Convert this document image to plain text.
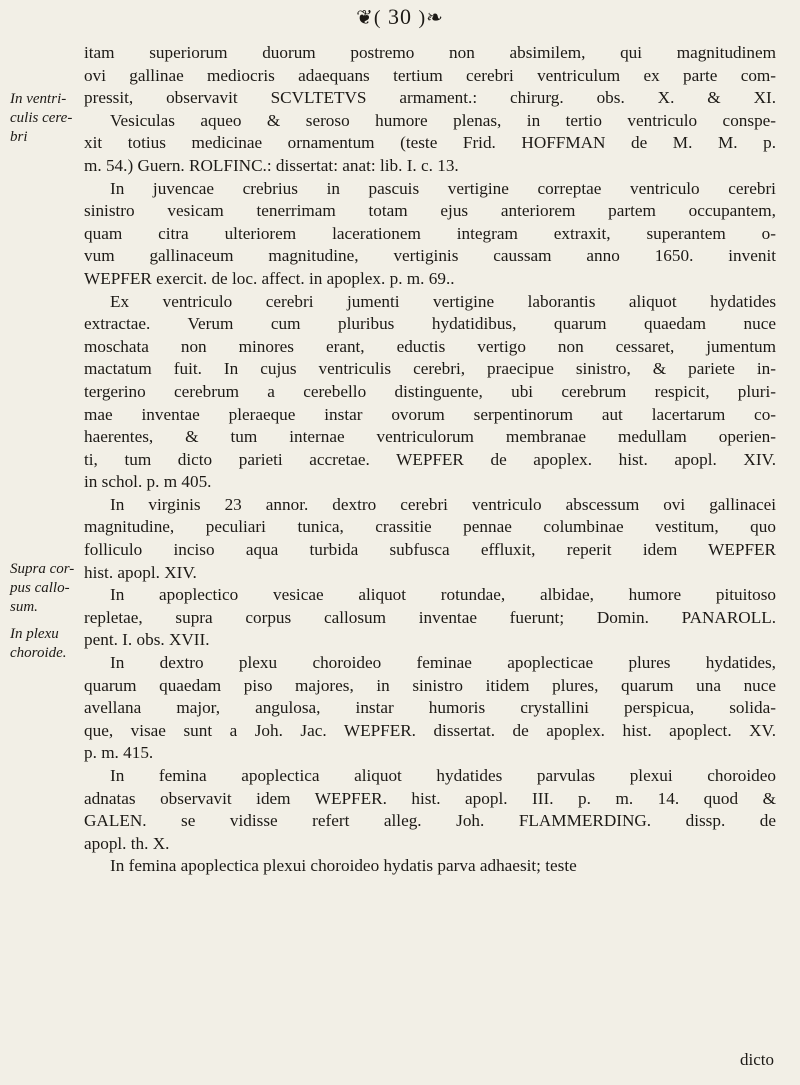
❦( 30 )❧
In ventri-culis cere-bri
Supra cor-pus callo-sum.
In plexu choroide.

itam superiorum duorum postremo non absimilem, qui magnitudinem
ovi gallinae mediocris adaequans tertium cerebri ventriculum ex parte com-
pressit, observavit SCVLTETVS armament.: chirurg. obs. X. & XI.
Vesiculas aqueo & seroso humore plenas, in tertio ventriculo conspe-
xit totius medicinae ornamentum (teste Frid. HOFFMAN de M. M. p.
m. 54.) Guern. ROLFINC.: dissertat: anat: lib. I. c. 13.

In juvencae crebrius in pascuis vertigine correptae ventriculo cerebri
sinistro vesicam tenerrimam totam ejus anteriorem partem occupantem,
quam citra ulteriorem lacerationem integram extraxit, superantem o-
vum gallinaceum magnitudine, vertiginis caussam anno 1650. invenit
WEPFER exercit. de loc. affect. in apoplex. p. m. 69..

Ex ventriculo cerebri jumenti vertigine laborantis aliquot hydatides
extractae. Verum cum pluribus hydatidibus, quarum quaedam nuce
moschata non minores erant, eductis vertigo non cessaret, jumentum
mactatum fuit. In cujus ventriculis cerebri, praecipue sinistro, & pariete in-
tergerino cerebrum a cerebello distinguente, ubi cerebrum respicit, pluri-
mae inventae pleraeque instar ovorum serpentinorum aut lacertarum co-
haerentes, & tum internae ventriculorum membranae medullam operien-
ti, tum dicto parieti accretae. WEPFER de apoplex. hist. apopl. XIV.
in schol. p. m 405.

In virginis 23 annor. dextro cerebri ventriculo abscessum ovi gallinacei
magnitudine, peculiari tunica, crassitie pennae columbinae vestitum, quo
folliculo inciso aqua turbida subfusca effluxit, reperit idem WEPFER
hist. apopl. XIV.

In apoplectico vesicae aliquot rotundae, albidae, humore pituitoso
repletae, supra corpus callosum inventae fuerunt; Domin. PANAROLL.
pent. I. obs. XVII.

In dextro plexu choroideo feminae apoplecticae plures hydatides,
quarum quaedam piso majores, in sinistro itidem plures, quarum una nuce
avellana major, angulosa, instar humoris crystallini perspicua, solida-
que, visae sunt a Joh. Jac. WEPFER. dissertat. de apoplex. hist. apoplect. XV.
p. m. 415.

In femina apoplectica aliquot hydatides parvulas plexui choroideo
adnatas observavit idem WEPFER. hist. apopl. III. p. m. 14. quod &
GALEN. se vidisse refert alleg. Joh. FLAMMERDING. dissp. de
apopl. th. X.

In femina apoplectica plexui choroideo hydatis parva adhaesit; teste

dicto
